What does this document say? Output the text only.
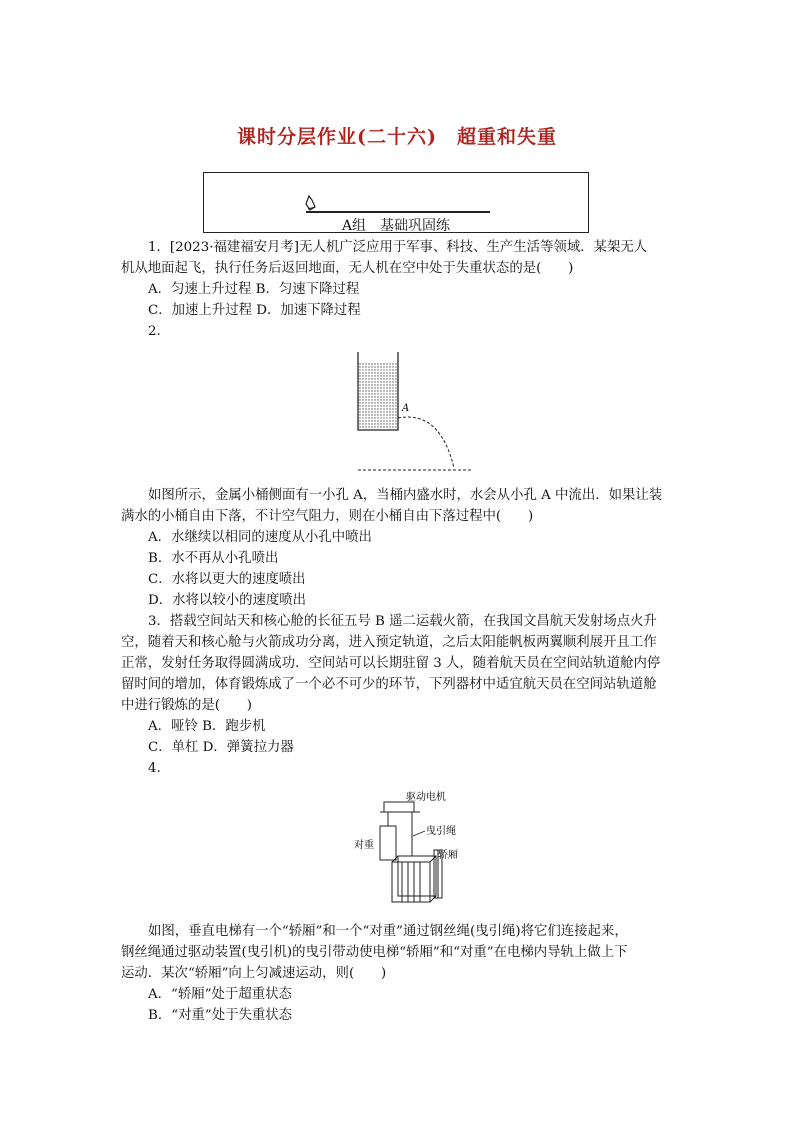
课时分层作业(二十六)　超重和失重
A组　基础巩固练
1．[2023·福建福安月考]无人机广泛应用于军事、科技、生产生活等领域．某架无人
机从地面起飞，执行任务后返回地面，无人机在空中处于失重状态的是(　　)
A．匀速上升过程 B．匀速下降过程
C．加速上升过程 D．加速下降过程
2.
A
如图所示，金属小桶侧面有一小孔 A，当桶内盛水时，水会从小孔 A 中流出．如果让装
满水的小桶自由下落，不计空气阻力，则在小桶自由下落过程中(　　)
A．水继续以相同的速度从小孔中喷出
B．水不再从小孔喷出
C．水将以更大的速度喷出
D．水将以较小的速度喷出
3．搭载空间站天和核心舱的长征五号 B 遥二运载火箭，在我国文昌航天发射场点火升
空，随着天和核心舱与火箭成功分离，进入预定轨道，之后太阳能帆板两翼顺利展开且工作
正常，发射任务取得圆满成功．空间站可以长期驻留 3 人，随着航天员在空间站轨道舱内停
留时间的增加，体育锻炼成了一个必不可少的环节，下列器材中适宜航天员在空间站轨道舱
中进行锻炼的是(　　)
A．哑铃 B．跑步机
C．单杠 D．弹簧拉力器
4.
驱动电机
对重
曳引绳
轿厢
如图，垂直电梯有一个“轿厢”和一个“对重”通过钢丝绳(曳引绳)将它们连接起来，
钢丝绳通过驱动装置(曳引机)的曳引带动使电梯“轿厢”和“对重”在电梯内导轨上做上下
运动．某次“轿厢”向上匀减速运动，则(　　)
A．“轿厢”处于超重状态
B．“对重”处于失重状态
